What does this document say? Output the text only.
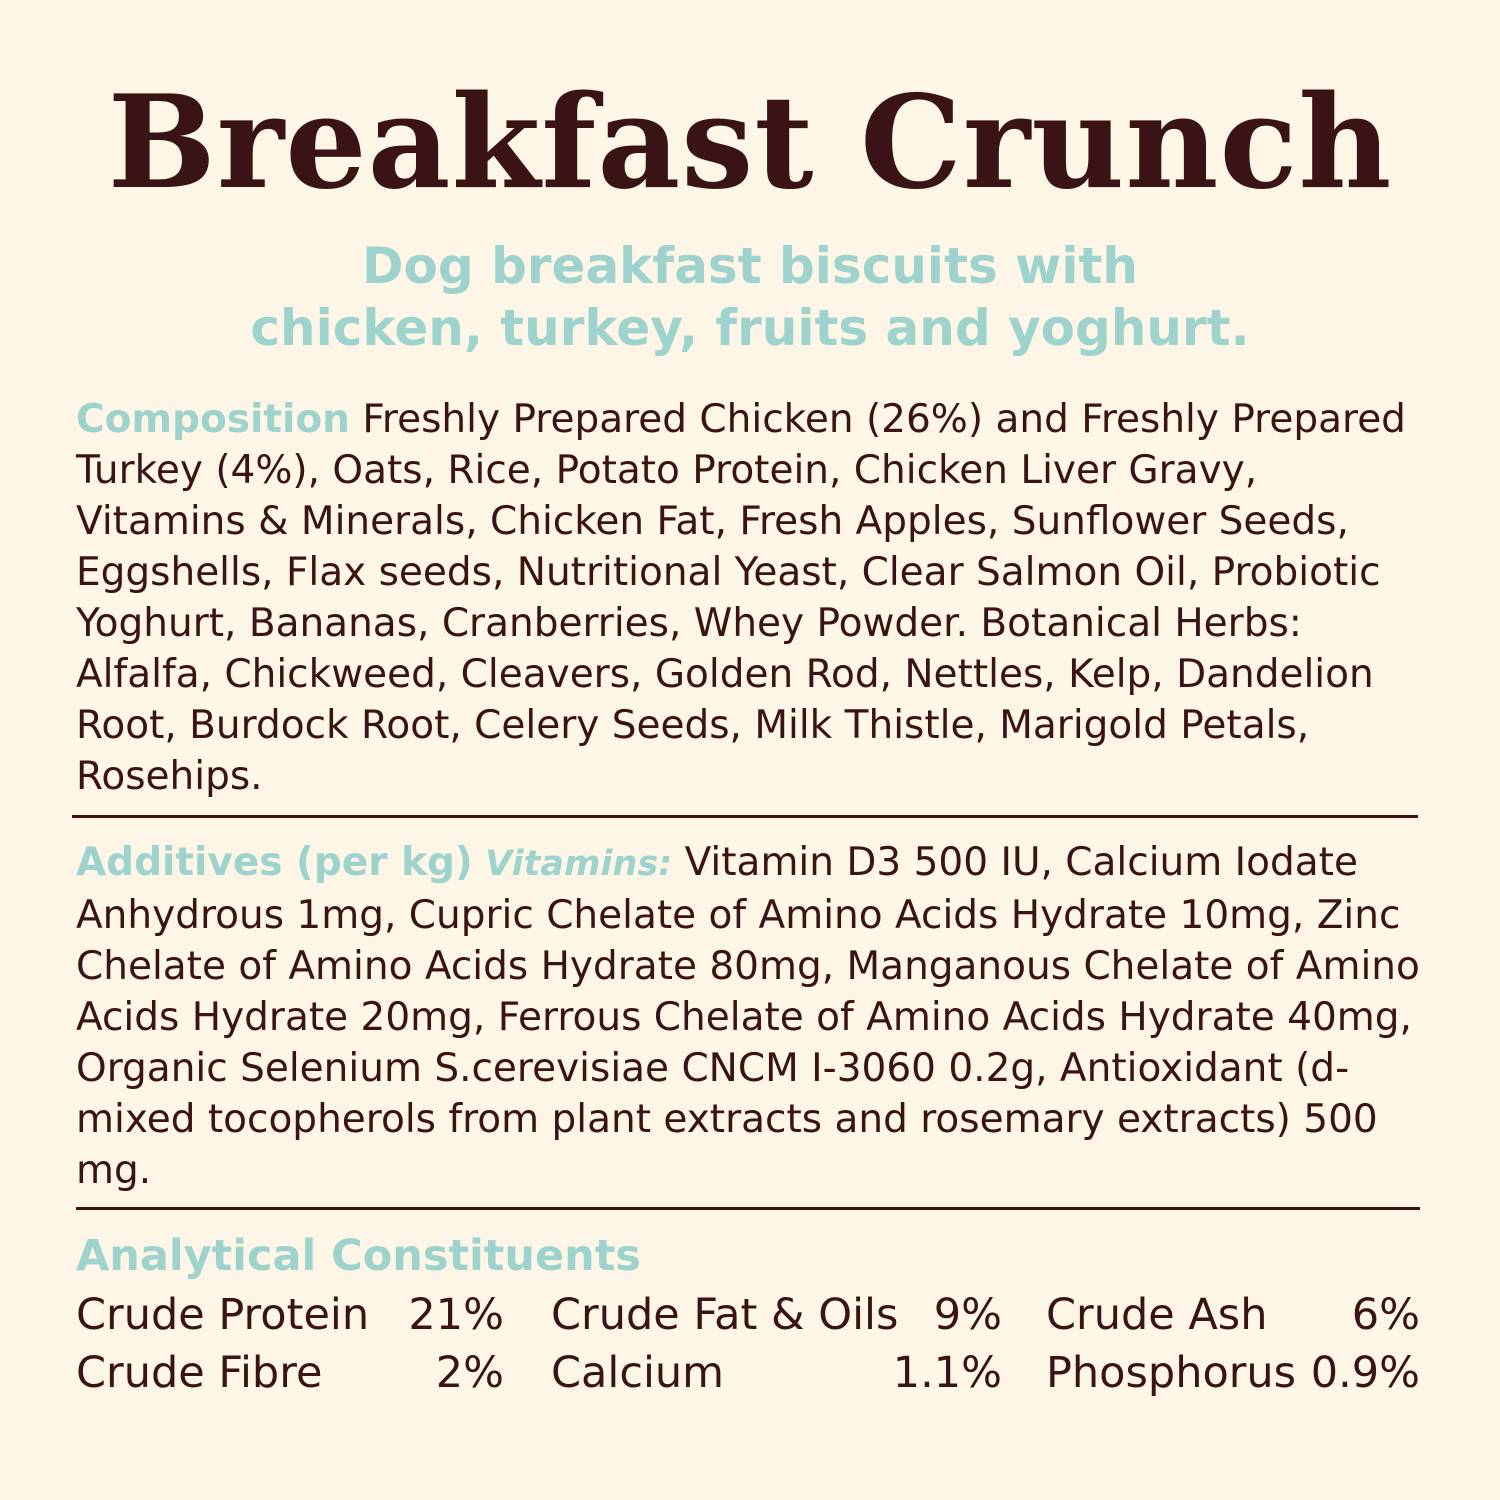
Breakfast Crunch
Dog breakfast biscuits with
chicken, turkey, fruits and yoghurt.
Composition Freshly Prepared Chicken (26%) and Freshly Prepared Turkey (4%), Oats, Rice, Potato Protein, Chicken Liver Gravy, Vitamins & Minerals, Chicken Fat, Fresh Apples, Sunflower Seeds, Eggshells, Flax seeds, Nutritional Yeast, Clear Salmon Oil, Probiotic Yoghurt, Bananas, Cranberries, Whey Powder. Botanical Herbs: Alfalfa, Chickweed, Cleavers, Golden Rod, Nettles, Kelp, Dandelion Root, Burdock Root, Celery Seeds, Milk Thistle, Marigold Petals, Rosehips.
Additives (per kg) Vitamins: Vitamin D3 500 IU, Calcium Iodate Anhydrous 1mg, Cupric Chelate of Amino Acids Hydrate 10mg, Zinc Chelate of Amino Acids Hydrate 80mg, Manganous Chelate of Amino Acids Hydrate 20mg, Ferrous Chelate of Amino Acids Hydrate 40mg, Organic Selenium S.cerevisiae CNCM I-3060 0.2g, Antioxidant (d-mixed tocopherols from plant extracts and rosemary extracts) 500 mg.
Analytical Constituents
Crude Protein 21% Crude Fat & Oils 9% Crude Ash	6%
Crude Fibre	2% Calcium	1.1% Phosphorus 0.9%
